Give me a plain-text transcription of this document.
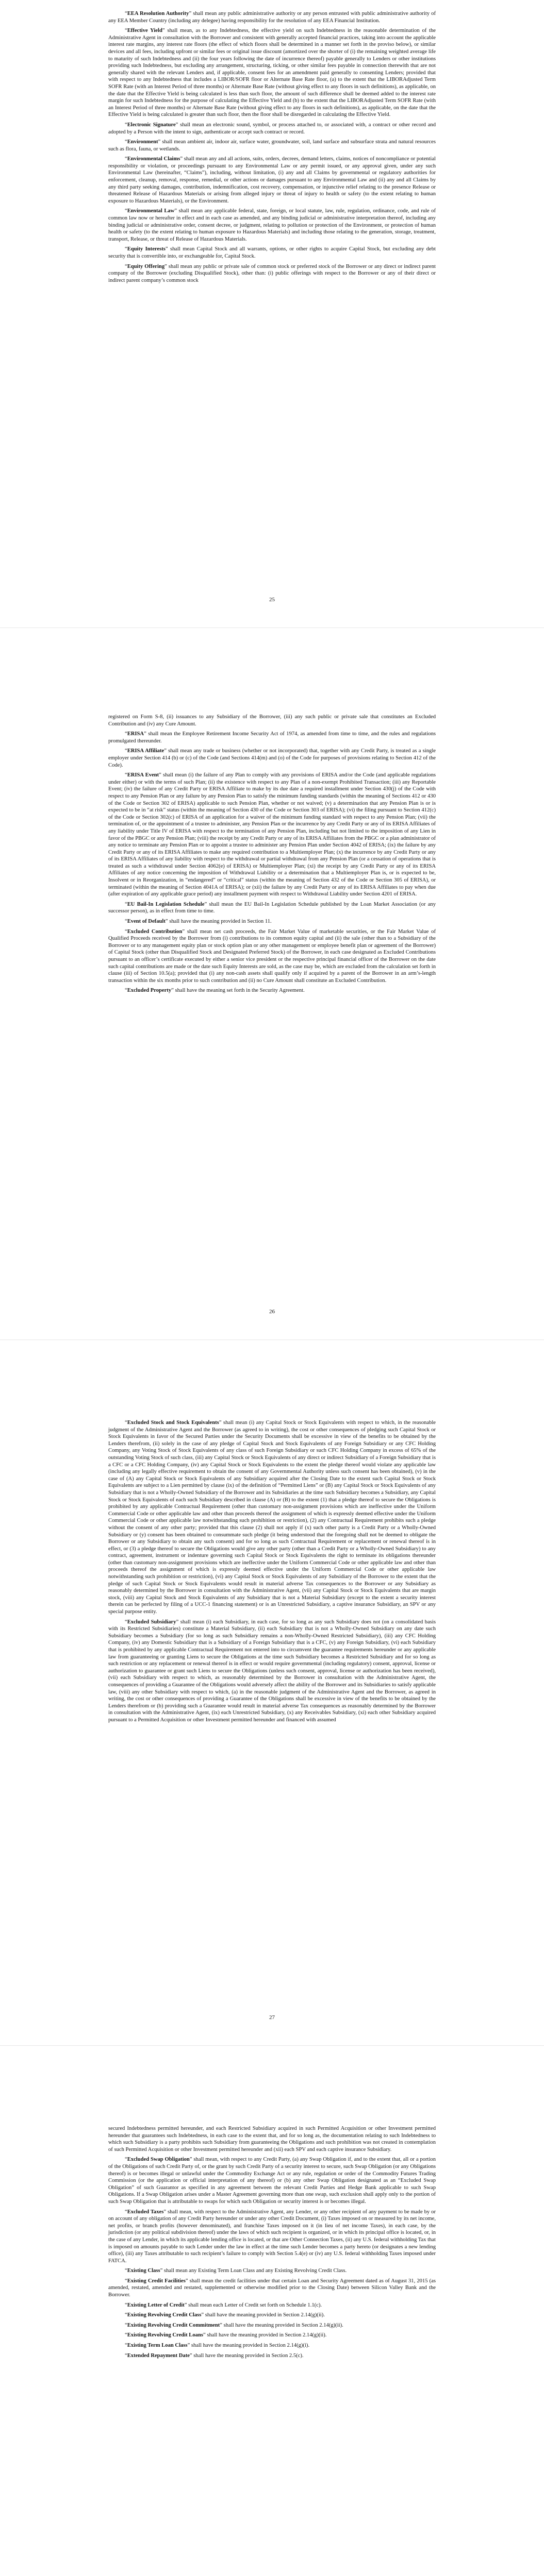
“EEA Resolution Authority” shall mean any public administrative authority or any person entrusted with public administrative authority of any EEA Member Country (including any delegee) having responsibility for the resolution of any EEA Financial Institution.

“Effective Yield” shall mean, as to any Indebtedness, the effective yield on such Indebtedness in the reasonable determination of the Administrative Agent in consultation with the Borrower and consistent with generally accepted financial practices, taking into account the applicable interest rate margins, any interest rate floors (the effect of which floors shall be determined in a manner set forth in the proviso below), or similar devices and all fees, including upfront or similar fees or original issue discount (amortized over the shorter of (i) the remaining weighted average life to maturity of such Indebtedness and (ii) the four years following the date of incurrence thereof) payable generally to Lenders or other institutions providing such Indebtedness, but excluding any arrangement, structuring, ticking, or other similar fees payable in connection therewith that are not generally shared with the relevant Lenders and, if applicable, consent fees for an amendment paid generally to consenting Lenders; provided that with respect to any Indebtedness that includes a LIBOR/SOFR floor or Alternate Base Rate floor, (a) to the extent that the LIBORAdjusted Term SOFR Rate (with an Interest Period of three months) or Alternate Base Rate (without giving effect to any floors in such definitions), as applicable, on the date that the Effective Yield is being calculated is less than such floor, the amount of such difference shall be deemed added to the interest rate margin for such Indebtedness for the purpose of calculating the Effective Yield and (b) to the extent that the LIBORAdjusted Term SOFR Rate (with an Interest Period of three months) or Alternate Base Rate (without giving effect to any floors in such definitions), as applicable, on the date that the Effective Yield is being calculated is greater than such floor, then the floor shall be disregarded in calculating the Effective Yield.

“Electronic Signature” shall mean an electronic sound, symbol, or process attached to, or associated with, a contract or other record and adopted by a Person with the intent to sign, authenticate or accept such contract or record.

“Environment” shall mean ambient air, indoor air, surface water, groundwater, soil, land surface and subsurface strata and natural resources such as flora, fauna, or wetlands.

“Environmental Claims” shall mean any and all actions, suits, orders, decrees, demand letters, claims, notices of noncompliance or potential responsibility or violation, or proceedings pursuant to any Environmental Law or any permit issued, or any approval given, under any such Environmental Law (hereinafter, “Claims”), including, without limitation, (i) any and all Claims by governmental or regulatory authorities for enforcement, cleanup, removal, response, remedial, or other actions or damages pursuant to any Environmental Law and (ii) any and all Claims by any third party seeking damages, contribution, indemnification, cost recovery, compensation, or injunctive relief relating to the presence Release or threatened Release of Hazardous Materials or arising from alleged injury or threat of injury to health or safety (to the extent relating to human exposure to Hazardous Materials), or the Environment.

“Environmental Law” shall mean any applicable federal, state, foreign, or local statute, law, rule, regulation, ordinance, code, and rule of common law now or hereafter in effect and in each case as amended, and any binding judicial or administrative interpretation thereof, including any binding judicial or administrative order, consent decree, or judgment, relating to pollution or protection of the Environment, or protection of human health or safety (to the extent relating to human exposure to Hazardous Materials) and including those relating to the generation, storage, treatment, transport, Release, or threat of Release of Hazardous Materials.

“Equity Interests” shall mean Capital Stock and all warrants, options, or other rights to acquire Capital Stock, but excluding any debt security that is convertible into, or exchangeable for, Capital Stock.

“Equity Offering” shall mean any public or private sale of common stock or preferred stock of the Borrower or any direct or indirect parent company of the Borrower (excluding Disqualified Stock), other than: (i) public offerings with respect to the Borrower or any of their direct or indirect parent company’s common stock

registered on Form S-8, (ii) issuances to any Subsidiary of the Borrower, (iii) any such public or private sale that constitutes an Excluded Contribution and (iv) any Cure Amount.

“ERISA” shall mean the Employee Retirement Income Security Act of 1974, as amended from time to time, and the rules and regulations promulgated thereunder.

“ERISA Affiliate” shall mean any trade or business (whether or not incorporated) that, together with any Credit Party, is treated as a single employer under Section 414 (b) or (c) of the Code (and Sections 414(m) and (o) of the Code for purposes of provisions relating to Section 412 of the Code).

“ERISA Event” shall mean (i) the failure of any Plan to comply with any provisions of ERISA and/or the Code (and applicable regulations under either) or with the terms of such Plan; (ii) the existence with respect to any Plan of a non-exempt Prohibited Transaction; (iii) any Reportable Event; (iv) the failure of any Credit Party or ERISA Affiliate to make by its due date a required installment under Section 430(j) of the Code with respect to any Pension Plan or any failure by any Pension Plan to satisfy the minimum funding standards (within the meaning of Sections 412 or 430 of the Code or Section 302 of ERISA) applicable to such Pension Plan, whether or not waived; (v) a determination that any Pension Plan is or is expected to be in “at risk” status (within the meaning of Section 430 of the Code or Section 303 of ERISA); (vi) the filing pursuant to Section 412(c) of the Code or Section 302(c) of ERISA of an application for a waiver of the minimum funding standard with respect to any Pension Plan; (vii) the termination of, or the appointment of a trustee to administer, any Pension Plan or the incurrence by any Credit Party or any of its ERISA Affiliates of any liability under Title IV of ERISA with respect to the termination of any Pension Plan, including but not limited to the imposition of any Lien in favor of the PBGC or any Pension Plan; (viii) the receipt by any Credit Party or any of its ERISA Affiliates from the PBGC or a plan administrator of any notice to terminate any Pension Plan or to appoint a trustee to administer any Pension Plan under Section 4042 of ERISA; (ix) the failure by any Credit Party or any of its ERISA Affiliates to make any required contribution to a Multiemployer Plan; (x) the incurrence by any Credit Party or any of its ERISA Affiliates of any liability with respect to the withdrawal or partial withdrawal from any Pension Plan (or a cessation of operations that is treated as such a withdrawal under Section 4062(e) of ERISA) or Multiemployer Plan; (xi) the receipt by any Credit Party or any of its ERISA Affiliates of any notice concerning the imposition of Withdrawal Liability or a determination that a Multiemployer Plan is, or is expected to be, Insolvent or in Reorganization, in “endangered” or “critical” status (within the meaning of Section 432 of the Code or Section 305 of ERISA), or terminated (within the meaning of Section 4041A of ERISA); or (xii) the failure by any Credit Party or any of its ERISA Affiliates to pay when due (after expiration of any applicable grace period) any installment payment with respect to Withdrawal Liability under Section 4201 of ERISA.

“EU Bail-In Legislation Schedule” shall mean the EU Bail-In Legislation Schedule published by the Loan Market Association (or any successor person), as in effect from time to time.

“Event of Default” shall have the meaning provided in Section 11.

“Excluded Contribution” shall mean net cash proceeds, the Fair Market Value of marketable securities, or the Fair Market Value of Qualified Proceeds received by the Borrower from (i) contributions to its common equity capital and (ii) the sale (other than to a Subsidiary of the Borrower or to any management equity plan or stock option plan or any other management or employee benefit plan or agreement of the Borrower) of Capital Stock (other than Disqualified Stock and Designated Preferred Stock) of the Borrower, in each case designated as Excluded Contributions pursuant to an officer’s certificate executed by either a senior vice president or the respective principal financial officer of the Borrower on the date such capital contributions are made or the date such Equity Interests are sold, as the case may be, which are excluded from the calculation set forth in clause (iii) of Section 10.5(a); provided that (i) any non-cash assets shall qualify only if acquired by a parent of the Borrower in an arm’s-length transaction within the six months prior to such contribution and (ii) no Cure Amount shall constitute an Excluded Contribution.

“Excluded Property” shall have the meaning set forth in the Security Agreement.

“Excluded Stock and Stock Equivalents” shall mean (i) any Capital Stock or Stock Equivalents with respect to which, in the reasonable judgment of the Administrative Agent and the Borrower (as agreed to in writing), the cost or other consequences of pledging such Capital Stock or Stock Equivalents in favor of the Secured Parties under the Security Documents shall be excessive in view of the benefits to be obtained by the Lenders therefrom, (ii) solely in the case of any pledge of Capital Stock and Stock Equivalents of any Foreign Subsidiary or any CFC Holding Company, any Voting Stock of Stock Equivalents of any class of such Foreign Subsidiary or such CFC Holding Company in excess of 65% of the outstanding Voting Stock of such class, (iii) any Capital Stock or Stock Equivalents of any direct or indirect Subsidiary of a Foreign Subsidiary that is a CFC or a CFC Holding Company, (iv) any Capital Stock or Stock Equivalents to the extent the pledge thereof would violate any applicable law (including any legally effective requirement to obtain the consent of any Governmental Authority unless such consent has been obtained), (v) in the case of (A) any Capital Stock or Stock Equivalents of any Subsidiary acquired after the Closing Date to the extent such Capital Stock or Stock Equivalents are subject to a Lien permitted by clause (ix) of the definition of “Permitted Liens” or (B) any Capital Stock or Stock Equivalents of any Subsidiary that is not a Wholly-Owned Subsidiary of the Borrower and its Subsidiaries at the time such Subsidiary becomes a Subsidiary, any Capital Stock or Stock Equivalents of each such Subsidiary described in clause (A) or (B) to the extent (1) that a pledge thereof to secure the Obligations is prohibited by any applicable Contractual Requirement (other than customary non-assignment provisions which are ineffective under the Uniform Commercial Code or other applicable law and other than proceeds thereof the assignment of which is expressly deemed effective under the Uniform Commercial Code or other applicable law notwithstanding such prohibition or restriction), (2) any Contractual Requirement prohibits such a pledge without the consent of any other party; provided that this clause (2) shall not apply if (x) such other party is a Credit Party or a Wholly-Owned Subsidiary or (y) consent has been obtained to consummate such pledge (it being understood that the foregoing shall not be deemed to obligate the Borrower or any Subsidiary to obtain any such consent) and for so long as such Contractual Requirement or replacement or renewal thereof is in effect, or (3) a pledge thereof to secure the Obligations would give any other party (other than a Credit Party or a Wholly-Owned Subsidiary) to any contract, agreement, instrument or indenture governing such Capital Stock or Stock Equivalents the right to terminate its obligations thereunder (other than customary non-assignment provisions which are ineffective under the Uniform Commercial Code or other applicable law and other than proceeds thereof the assignment of which is expressly deemed effective under the Uniform Commercial Code or other applicable law notwithstanding such prohibition or restriction), (vi) any Capital Stock or Stock Equivalents of any Subsidiary of the Borrower to the extent that the pledge of such Capital Stock or Stock Equivalents would result in material adverse Tax consequences to the Borrower or any Subsidiary as reasonably determined by the Borrower in consultation with the Administrative Agent, (vii) any Capital Stock or Stock Equivalents that are margin stock, (viii) any Capital Stock and Stock Equivalents of any Subsidiary that is not a Material Subsidiary (except to the extent a security interest therein can be perfected by filing of a UCC-1 financing statement) or is an Unrestricted Subsidiary, a captive insurance Subsidiary, an SPV or any special purpose entity.

“Excluded Subsidiary” shall mean (i) each Subsidiary, in each case, for so long as any such Subsidiary does not (on a consolidated basis with its Restricted Subsidiaries) constitute a Material Subsidiary, (ii) each Subsidiary that is not a Wholly-Owned Subsidiary on any date such Subsidiary becomes a Subsidiary (for so long as such Subsidiary remains a non-Wholly-Owned Restricted Subsidiary), (iii) any CFC Holding Company, (iv) any Domestic Subsidiary that is a Subsidiary of a Foreign Subsidiary that is a CFC, (v) any Foreign Subsidiary, (vi) each Subsidiary that is prohibited by any applicable Contractual Requirement not entered into to circumvent the guarantee requirements hereunder or any applicable law from guaranteeing or granting Liens to secure the Obligations at the time such Subsidiary becomes a Restricted Subsidiary and for so long as such restriction or any replacement or renewal thereof is in effect or would require governmental (including regulatory) consent, approval, license or authorization to guarantee or grant such Liens to secure the Obligations (unless such consent, approval, license or authorization has been received), (vii) each Subsidiary with respect to which, as reasonably determined by the Borrower in consultation with the Administrative Agent, the consequences of providing a Guarantee of the Obligations would adversely affect the ability of the Borrower and its Subsidiaries to satisfy applicable law, (viii) any other Subsidiary with respect to which, (a) in the reasonable judgment of the Administrative Agent and the Borrower, as agreed in writing, the cost or other consequences of providing a Guarantee of the Obligations shall be excessive in view of the benefits to be obtained by the Lenders therefrom or (b) providing such a Guarantee would result in material adverse Tax consequences as reasonably determined by the Borrower in consultation with the Administrative Agent, (ix) each Unrestricted Subsidiary, (x) any Receivables Subsidiary, (xi) each other Subsidiary acquired pursuant to a Permitted Acquisition or other Investment permitted hereunder and financed with assumed

secured Indebtedness permitted hereunder, and each Restricted Subsidiary acquired in such Permitted Acquisition or other Investment permitted hereunder that guarantees such Indebtedness, in each case to the extent that, and for so long as, the documentation relating to such Indebtedness to which such Subsidiary is a party prohibits such Subsidiary from guaranteeing the Obligations and such prohibition was not created in contemplation of such Permitted Acquisition or other Investment permitted hereunder and (xii) each SPV and each captive insurance Subsidiary.

“Excluded Swap Obligation” shall mean, with respect to any Credit Party, (a) any Swap Obligation if, and to the extent that, all or a portion of the Obligations of such Credit Party of, or the grant by such Credit Party of a security interest to secure, such Swap Obligation (or any Obligations thereof) is or becomes illegal or unlawful under the Commodity Exchange Act or any rule, regulation or order of the Commodity Futures Trading Commission (or the application or official interpretation of any thereof) or (b) any other Swap Obligation designated as an “Excluded Swap Obligation” of such Guarantor as specified in any agreement between the relevant Credit Parties and Hedge Bank applicable to such Swap Obligations. If a Swap Obligation arises under a Master Agreement governing more than one swap, such exclusion shall apply only to the portion of such Swap Obligation that is attributable to swaps for which such Obligation or security interest is or becomes illegal.

“Excluded Taxes” shall mean, with respect to the Administrative Agent, any Lender, or any other recipient of any payment to be made by or on account of any obligation of any Credit Party hereunder or under any other Credit Document, (i) Taxes imposed on or measured by its net income, net profits, or branch profits (however denominated), and franchise Taxes imposed on it (in lieu of net income Taxes), in each case, by the jurisdiction (or any political subdivision thereof) under the laws of which such recipient is organized, or in which its principal office is located, or, in the case of any Lender, in which its applicable lending office is located, or that are Other Connection Taxes, (ii) any U.S. federal withholding Tax that is imposed on amounts payable to such Lender under the law in effect at the time such Lender becomes a party hereto (or designates a new lending office), (iii) any Taxes attributable to such recipient’s failure to comply with Section 5.4(e) or (iv) any U.S. federal withholding Taxes imposed under FATCA.

“Existing Class” shall mean any Existing Term Loan Class and any Existing Revolving Credit Class.

“Existing Credit Facilities” shall mean the credit facilities under that certain Loan and Security Agreement dated as of August 31, 2015 (as amended, restated, amended and restated, supplemented or otherwise modified prior to the Closing Date) between Silicon Valley Bank and the Borrower.

“Existing Letter of Credit” shall mean each Letter of Credit set forth on Schedule 1.1(c).

“Existing Revolving Credit Class” shall have the meaning provided in Section 2.14(g)(ii).

“Existing Revolving Credit Commitment” shall have the meaning provided in Section 2.14(g)(ii).

“Existing Revolving Credit Loans” shall have the meaning provided in Section 2.14(g)(ii).

“Existing Term Loan Class” shall have the meaning provided in Section 2.14(g)(i).

“Extended Repayment Date” shall have the meaning provided in Section 2.5(c).

25
26
27
